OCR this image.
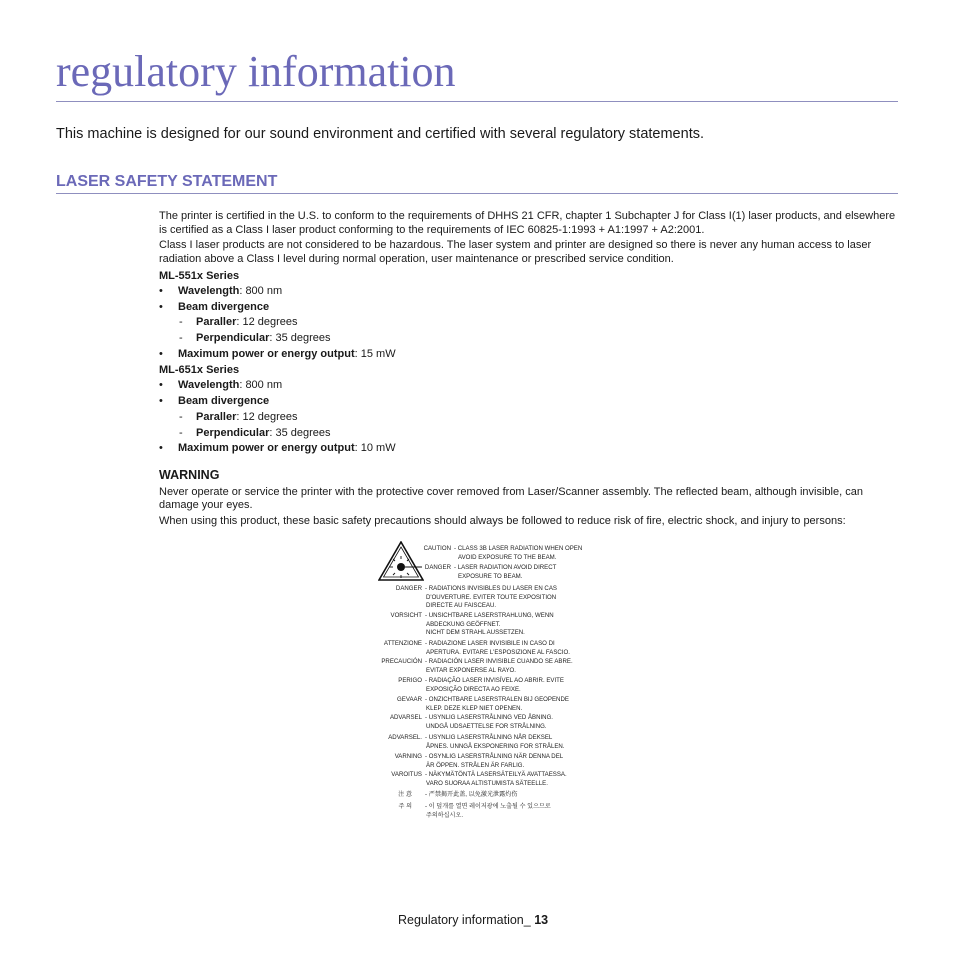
regulatory information
This machine is designed for our sound environment and certified with several regulatory statements.
LASER SAFETY STATEMENT

The printer is certified in the U.S. to conform to the requirements of DHHS 21 CFR, chapter 1 Subchapter J for Class I(1) laser products, and elsewhere is certified as a Class I laser product conforming to the requirements of IEC 60825-1:1993 + A1:1997 + A2:2001.

Class I laser products are not considered to be hazardous. The laser system and printer are designed so there is never any human access to laser radiation above a Class I level during normal operation, user maintenance or prescribed service condition.

ML-551x Series
• Wavelength: 800 nm
• Beam divergence
- Paraller: 12 degrees
- Perpendicular: 35 degrees
• Maximum power or energy output: 15 mW
ML-651x Series
• Wavelength: 800 nm
• Beam divergence
- Paraller: 12 degrees
- Perpendicular: 35 degrees
• Maximum power or energy output: 10 mW
WARNING

Never operate or service the printer with the protective cover removed from Laser/Scanner assembly. The reflected beam, although invisible, can damage your eyes.

When using this product, these basic safety precautions should always be followed to reduce risk of fire, electric shock, and injury to persons:

CAUTION - CLASS 3B LASER RADIATION WHEN OPEN
AVOID EXPOSURE TO THE BEAM.
DANGER - LASER RADIATION AVOID DIRECT
EXPOSURE TO BEAM.
DANGER - RADIATIONS INVISIBLES DU LASER EN CAS
D'OUVERTURE. EVITER TOUTE EXPOSITION
DIRECTE AU FAISCEAU.
VORSICHT - UNSICHTBARE LASERSTRAHLUNG, WENN
ABDECKUNG GEÖFFNET.
NICHT DEM STRAHL AUSSETZEN.
ATTENZIONE - RADIAZIONE LASER INVISIBILE IN CASO DI
APERTURA. EVITARE L'ESPOSIZIONE AL FASCIO.
PRECAUCIÓN - RADIACIÓN LASER INVISIBLE CUANDO SE ABRE.
EVITAR EXPONERSE AL RAYO.
PERIGO - RADIAÇÃO LASER INVISÍVEL AO ABRIR. EVITE
EXPOSIÇÃO DIRECTA AO FEIXE.
GEVAAR - ONZICHTBARE LASERSTRALEN BIJ GEOPENDE
KLEP. DEZE KLEP NIET OPENEN.
ADVARSEL - USYNLIG LASERSTRÅLNING VED ÅBNING.
UNDGÅ UDSAETTELSE FOR STRÅLNING.
ADVARSEL. - USYNLIG LASERSTRÅLNING NÅR DEKSEL
ÅPNES. UNNGÅ EKSPONERING FOR STRÅLEN.
VARNING - OSYNLIG LASERSTRÅLNING NÄR DENNA DEL
ÄR ÖPPEN. STRÅLEN ÄR FARLIG.
VAROITUS - NÄKYMÄTÖNTÄ LASERSÄTEILYÄ AVATTAESSA.
VARO SUORAA ALTISTUMISTA SÄTEELLE.
注 意 - 严禁揭开此盖, 以免激光泄露灼伤
주 의 - 이 덮개를 열면 레이저광에 노출될 수 있으므로
주의하십시오.
Regulatory information_ 13
